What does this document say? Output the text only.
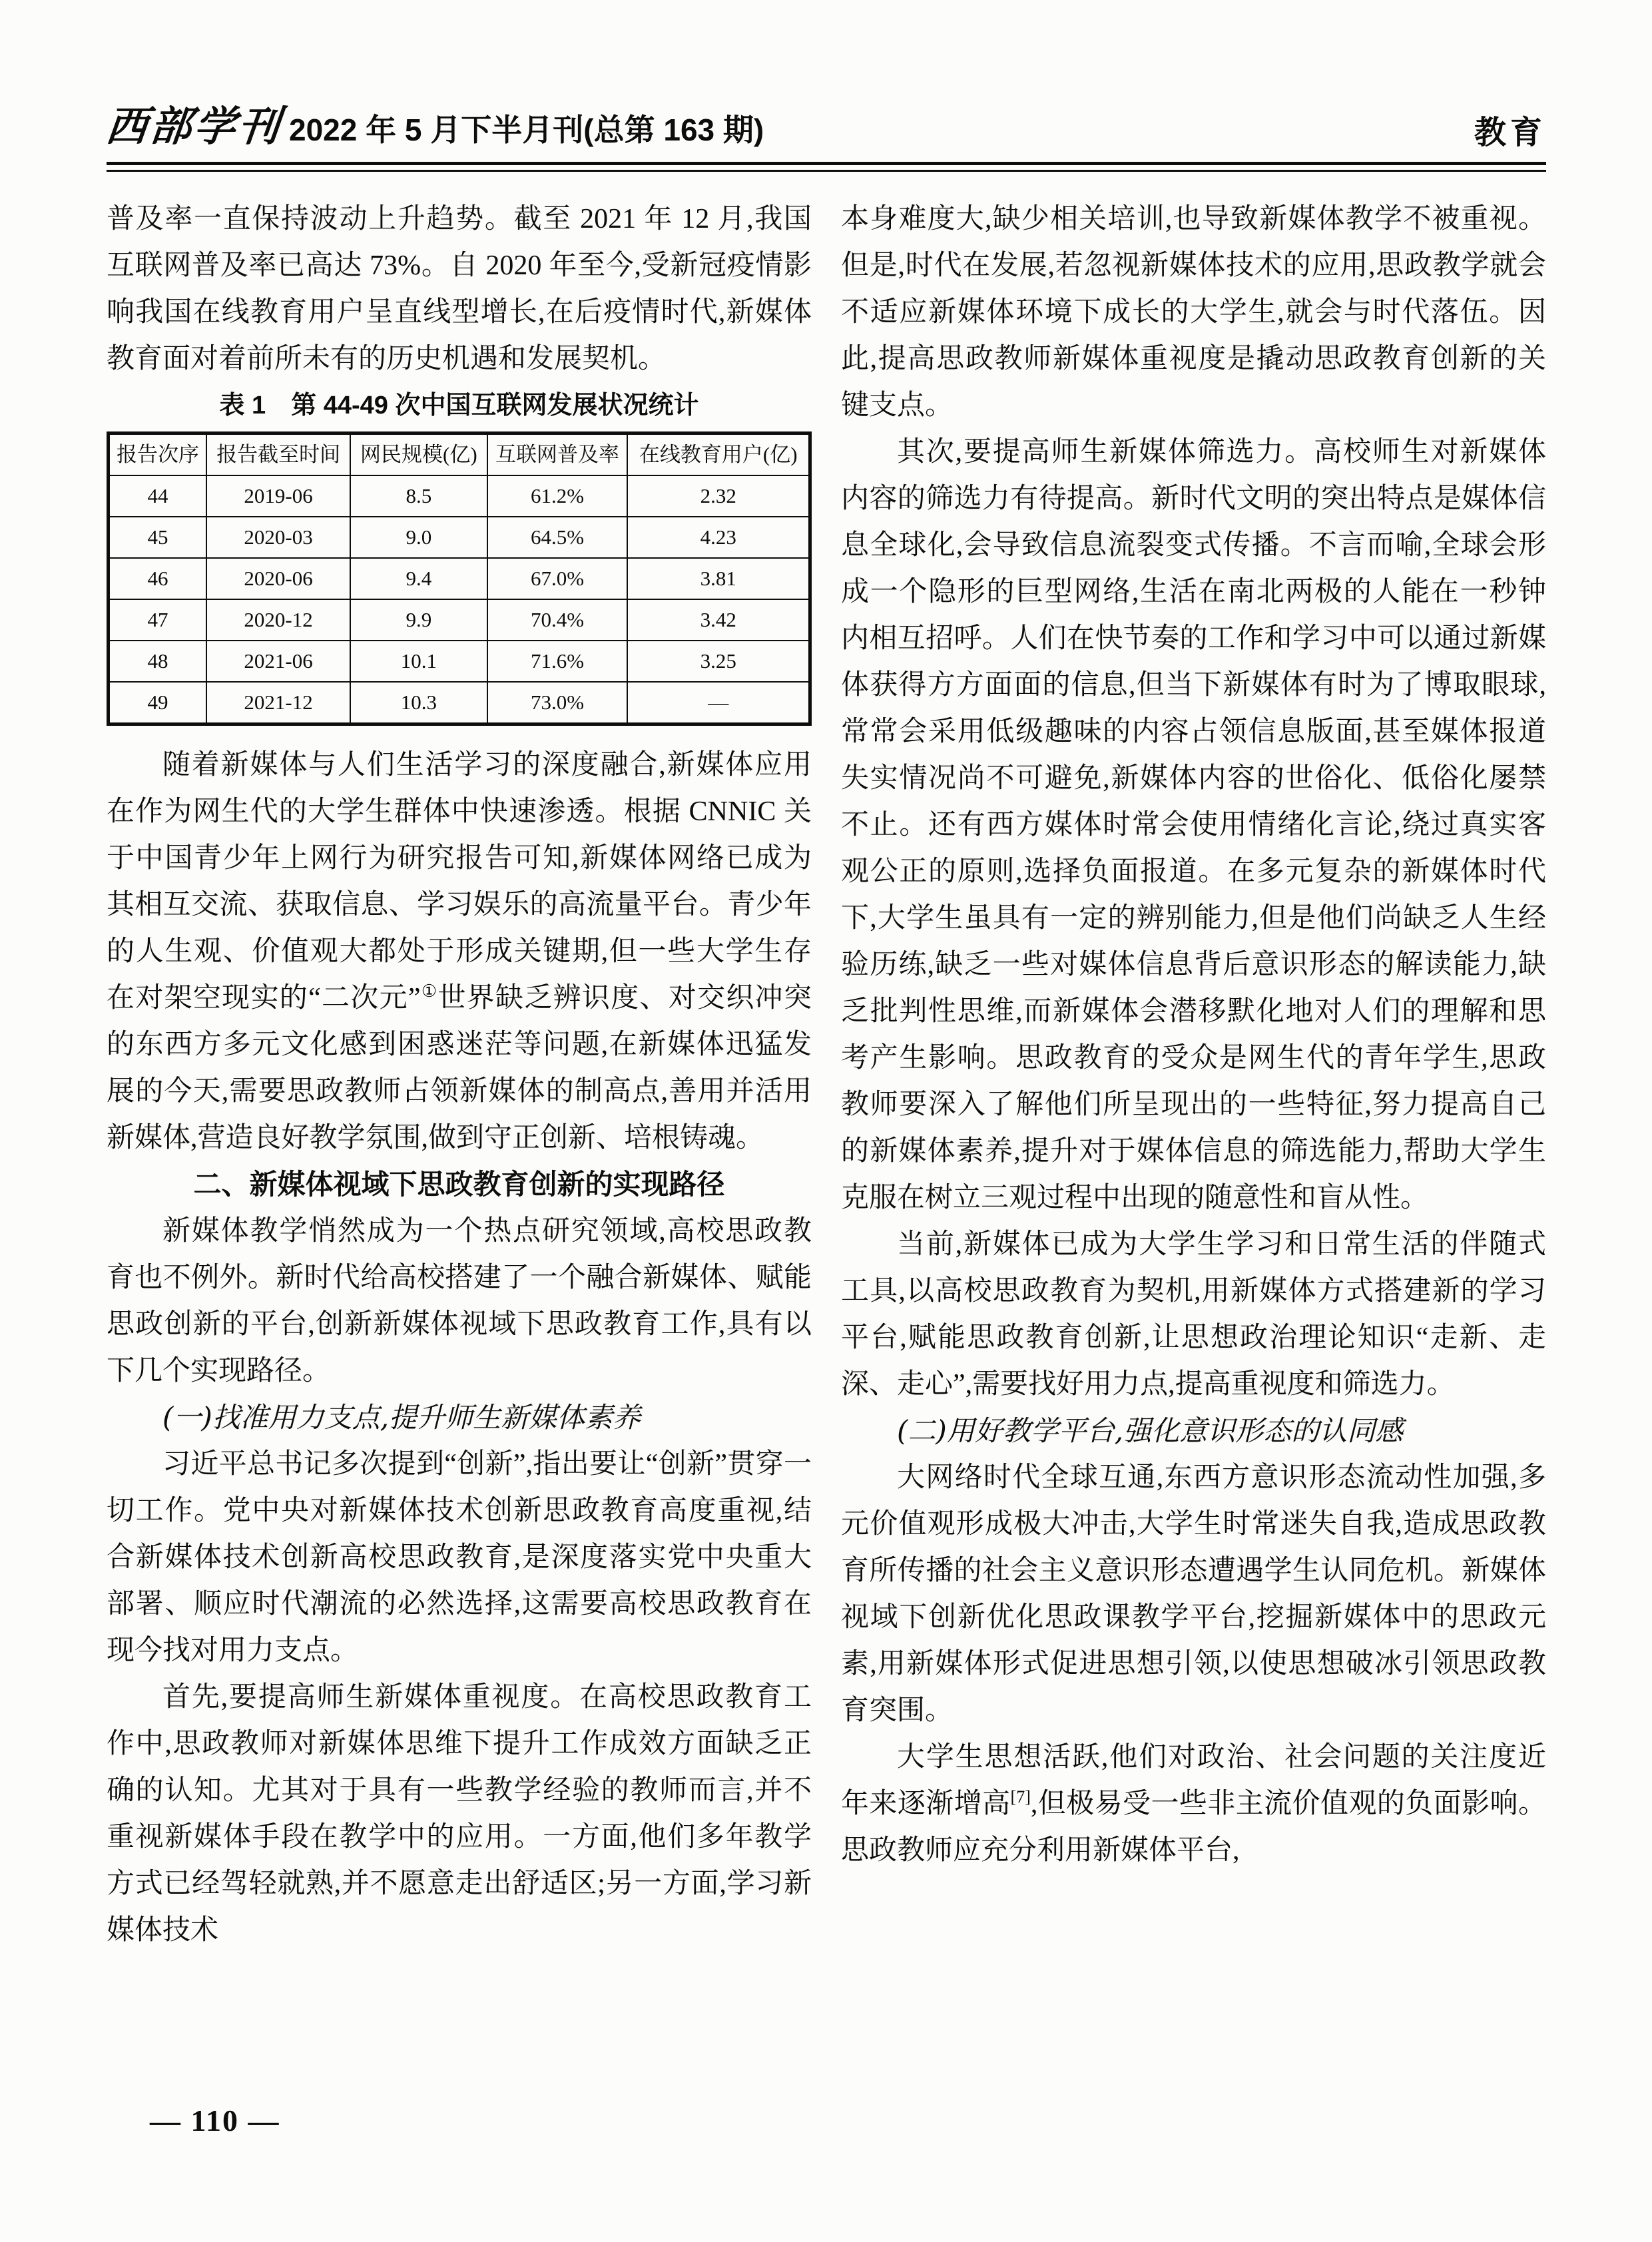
西部学刊 2022 年 5 月下半月刊(总第 163 期)	教育

普及率一直保持波动上升趋势。截至 2021 年 12 月,我国互联网普及率已高达 73%。自 2020 年至今,受新冠疫情影响我国在线教育用户呈直线型增长,在后疫情时代,新媒体教育面对着前所未有的历史机遇和发展契机。

表 1　第 44-49 次中国互联网发展状况统计
报告次序	报告截至时间	网民规模(亿)	互联网普及率	在线教育用户(亿)
44	2019-06	8.5	61.2%	2.32
45	2020-03	9.0	64.5%	4.23
46	2020-06	9.4	67.0%	3.81
47	2020-12	9.9	70.4%	3.42
48	2021-06	10.1	71.6%	3.25
49	2021-12	10.3	73.0%	—

随着新媒体与人们生活学习的深度融合,新媒体应用在作为网生代的大学生群体中快速渗透。根据 CNNIC 关于中国青少年上网行为研究报告可知,新媒体网络已成为其相互交流、获取信息、学习娱乐的高流量平台。青少年的人生观、价值观大都处于形成关键期,但一些大学生存在对架空现实的“二次元”①世界缺乏辨识度、对交织冲突的东西方多元文化感到困惑迷茫等问题,在新媒体迅猛发展的今天,需要思政教师占领新媒体的制高点,善用并活用新媒体,营造良好教学氛围,做到守正创新、培根铸魂。

二、新媒体视域下思政教育创新的实现路径

新媒体教学悄然成为一个热点研究领域,高校思政教育也不例外。新时代给高校搭建了一个融合新媒体、赋能思政创新的平台,创新新媒体视域下思政教育工作,具有以下几个实现路径。

(一)找准用力支点,提升师生新媒体素养

习近平总书记多次提到“创新”,指出要让“创新”贯穿一切工作。党中央对新媒体技术创新思政教育高度重视,结合新媒体技术创新高校思政教育,是深度落实党中央重大部署、顺应时代潮流的必然选择,这需要高校思政教育在现今找对用力支点。

首先,要提高师生新媒体重视度。在高校思政教育工作中,思政教师对新媒体思维下提升工作成效方面缺乏正确的认知。尤其对于具有一些教学经验的教师而言,并不重视新媒体手段在教学中的应用。一方面,他们多年教学方式已经驾轻就熟,并不愿意走出舒适区;另一方面,学习新媒体技术

本身难度大,缺少相关培训,也导致新媒体教学不被重视。但是,时代在发展,若忽视新媒体技术的应用,思政教学就会不适应新媒体环境下成长的大学生,就会与时代落伍。因此,提高思政教师新媒体重视度是撬动思政教育创新的关键支点。

其次,要提高师生新媒体筛选力。高校师生对新媒体内容的筛选力有待提高。新时代文明的突出特点是媒体信息全球化,会导致信息流裂变式传播。不言而喻,全球会形成一个隐形的巨型网络,生活在南北两极的人能在一秒钟内相互招呼。人们在快节奏的工作和学习中可以通过新媒体获得方方面面的信息,但当下新媒体有时为了博取眼球,常常会采用低级趣味的内容占领信息版面,甚至媒体报道失实情况尚不可避免,新媒体内容的世俗化、低俗化屡禁不止。还有西方媒体时常会使用情绪化言论,绕过真实客观公正的原则,选择负面报道。在多元复杂的新媒体时代下,大学生虽具有一定的辨别能力,但是他们尚缺乏人生经验历练,缺乏一些对媒体信息背后意识形态的解读能力,缺乏批判性思维,而新媒体会潜移默化地对人们的理解和思考产生影响。思政教育的受众是网生代的青年学生,思政教师要深入了解他们所呈现出的一些特征,努力提高自己的新媒体素养,提升对于媒体信息的筛选能力,帮助大学生克服在树立三观过程中出现的随意性和盲从性。

当前,新媒体已成为大学生学习和日常生活的伴随式工具,以高校思政教育为契机,用新媒体方式搭建新的学习平台,赋能思政教育创新,让思想政治理论知识“走新、走深、走心”,需要找好用力点,提高重视度和筛选力。

(二)用好教学平台,强化意识形态的认同感

大网络时代全球互通,东西方意识形态流动性加强,多元价值观形成极大冲击,大学生时常迷失自我,造成思政教育所传播的社会主义意识形态遭遇学生认同危机。新媒体视域下创新优化思政课教学平台,挖掘新媒体中的思政元素,用新媒体形式促进思想引领,以使思想破冰引领思政教育突围。

大学生思想活跃,他们对政治、社会问题的关注度近年来逐渐增高[7],但极易受一些非主流价值观的负面影响。思政教师应充分利用新媒体平台,

— 110 —
